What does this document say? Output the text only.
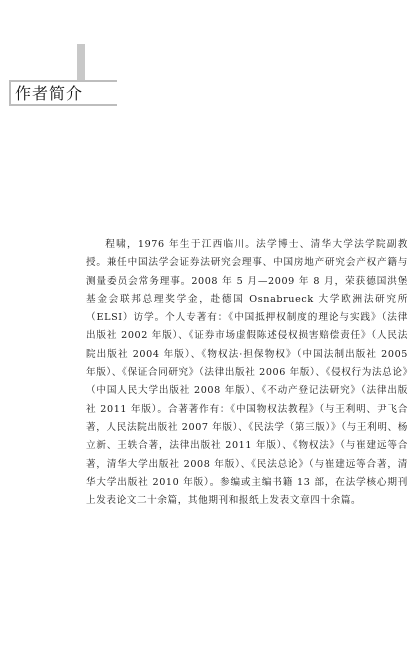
作者简介

程啸，1976 年生于江西临川。法学博士、清华大学法学院副教授。兼任中国法学会证券法研究会理事、中国房地产研究会产权产籍与测量委员会常务理事。2008 年 5 月—2009 年 8 月，荣获德国洪堡基金会联邦总理奖学金，赴德国 Osnabrueck 大学欧洲法研究所（ELSI）访学。个人专著有：《中国抵押权制度的理论与实践》（法律出版社 2002 年版）、《证券市场虚假陈述侵权损害赔偿责任》（人民法院出版社 2004 年版）、《物权法·担保物权》（中国法制出版社 2005 年版）、《保证合同研究》（法律出版社 2006 年版）、《侵权行为法总论》（中国人民大学出版社 2008 年版）、《不动产登记法研究》（法律出版社 2011 年版）。合著著作有：《中国物权法教程》（与王利明、尹飞合著，人民法院出版社 2007 年版）、《民法学（第三版）》（与王利明、杨立新、王轶合著，法律出版社 2011 年版）、《物权法》（与崔建远等合著，清华大学出版社 2008 年版）、《民法总论》（与崔建远等合著，清华大学出版社 2010 年版）。参编或主编书籍 13 部，在法学核心期刊上发表论文二十余篇，其他期刊和报纸上发表文章四十余篇。
